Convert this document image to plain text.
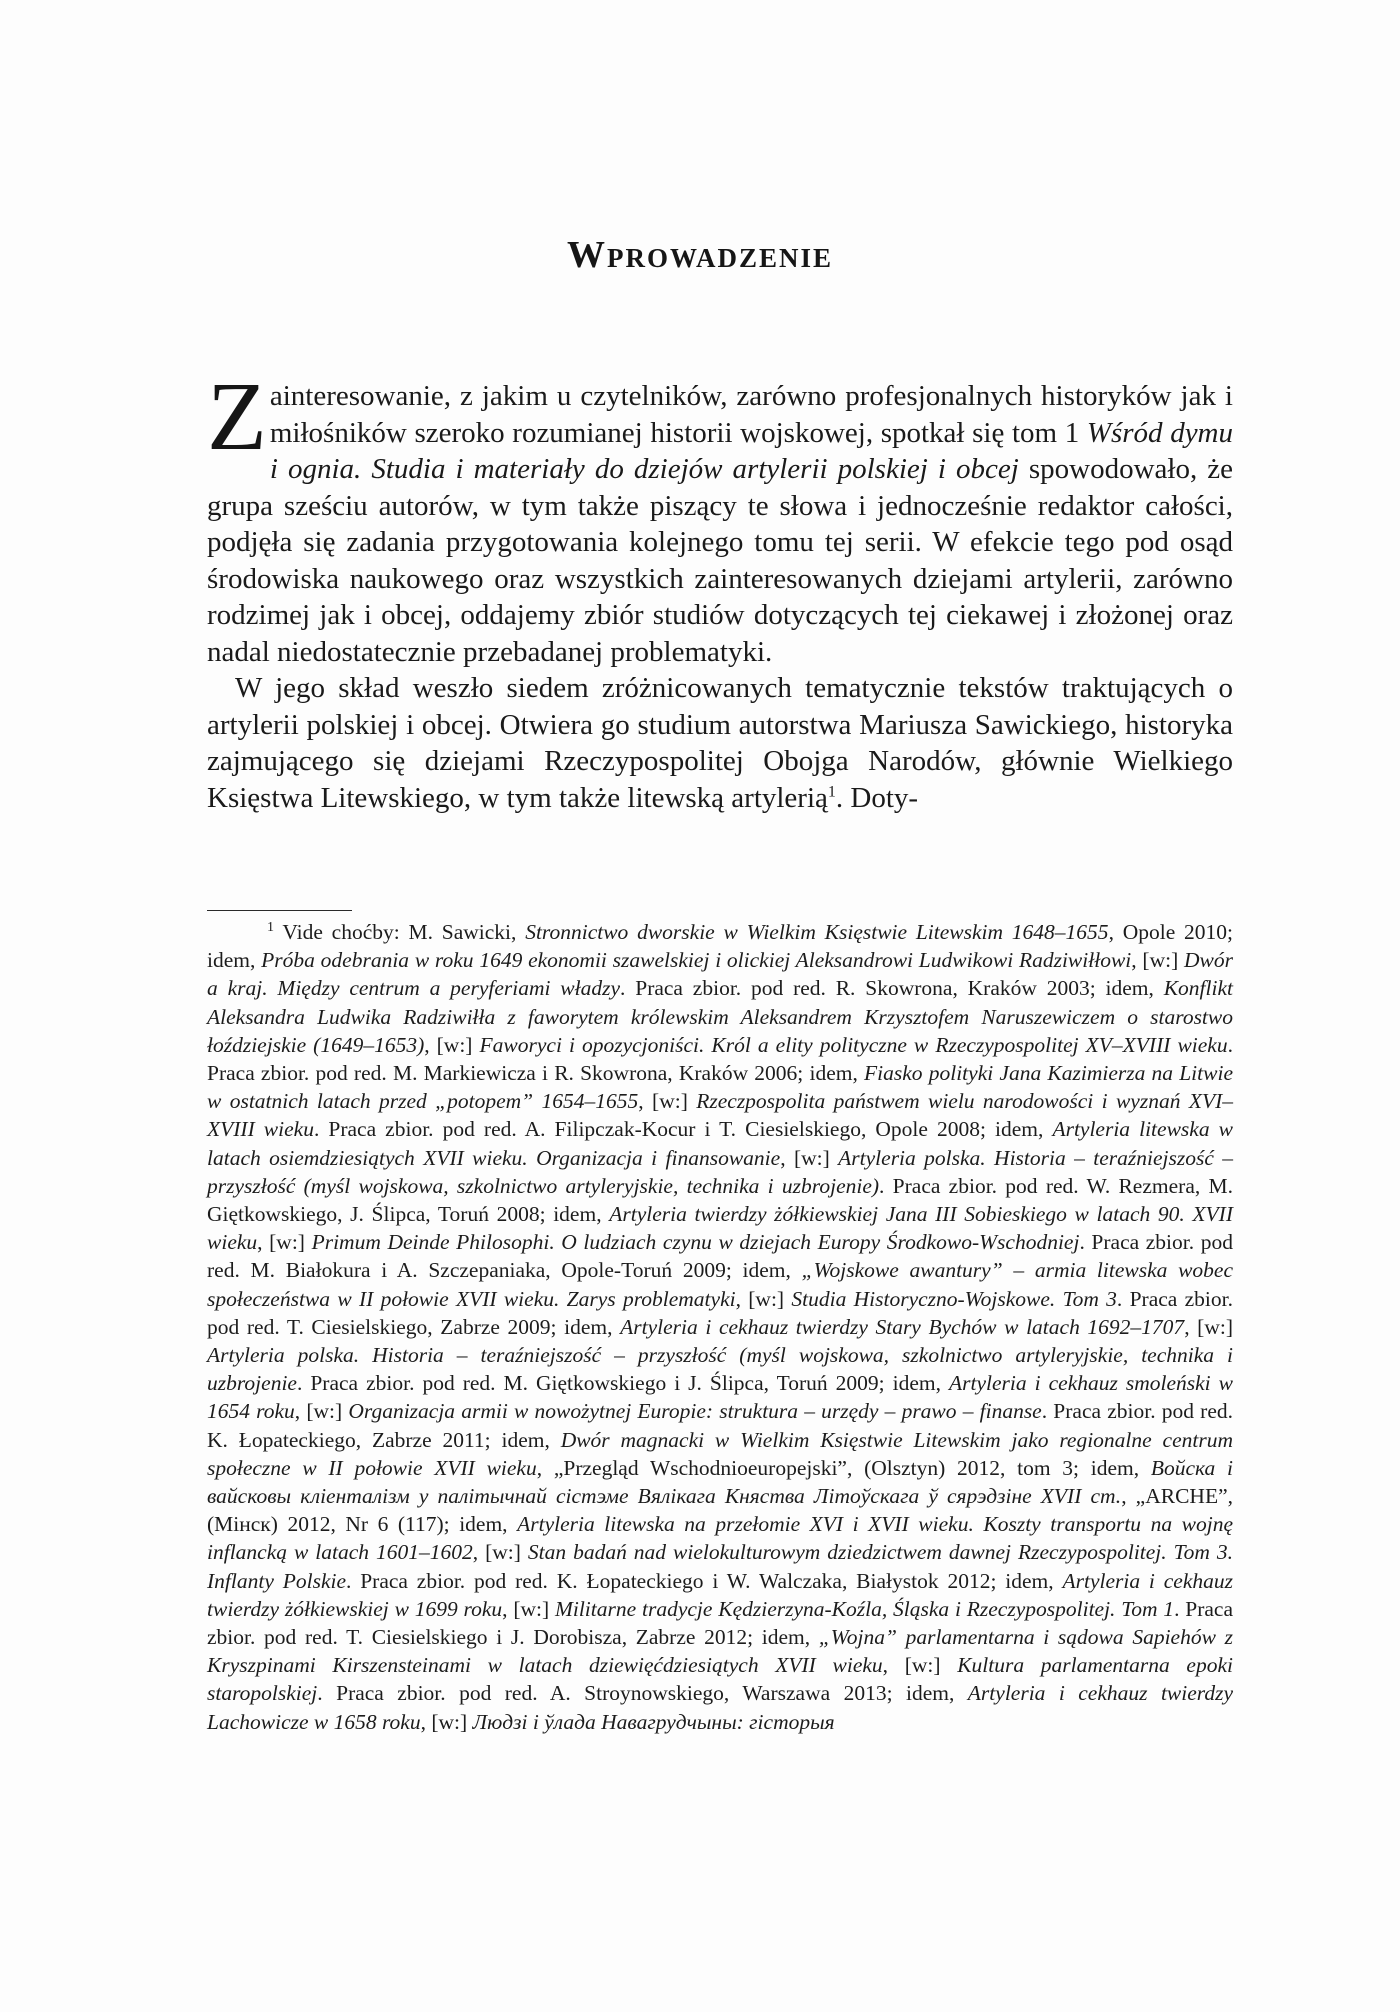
Wprowadzenie

Zainteresowanie, z jakim u czytelników, zarówno profesjonalnych historyków jak i miłośników szeroko rozumianej historii wojskowej, spotkał się tom 1 Wśród dymu i ognia. Studia i materiały do dziejów artylerii polskiej i obcej spowodowało, że grupa sześciu autorów, w tym także piszący te słowa i jednocześnie redaktor całości, podjęła się zadania przygotowania kolejnego tomu tej serii. W efekcie tego pod osąd środowiska naukowego oraz wszystkich zainteresowanych dziejami artylerii, zarówno rodzimej jak i obcej, oddajemy zbiór studiów dotyczących tej ciekawej i złożonej oraz nadal niedostatecznie przebadanej problematyki.

W jego skład weszło siedem zróżnicowanych tematycznie tekstów traktujących o artylerii polskiej i obcej. Otwiera go studium autorstwa Mariusza Sawickiego, historyka zajmującego się dziejami Rzeczypospolitej Obojga Narodów, głównie Wielkiego Księstwa Litewskiego, w tym także litewską artylerią$^1$. Doty-

$^1$ Vide choćby: M. Sawicki, Stronnictwo dworskie w Wielkim Księstwie Litewskim 1648–1655, Opole 2010; idem, Próba odebrania w roku 1649 ekonomii szawelskiej i olickiej Aleksandrowi Ludwikowi Radziwiłłowi, [w:] Dwór a kraj. Między centrum a peryferiami władzy. Praca zbior. pod red. R. Skowrona, Kraków 2003; idem, Konflikt Aleksandra Ludwika Radziwiłła z faworytem królewskim Aleksandrem Krzysztofem Naruszewiczem o starostwo łoździejskie (1649–1653), [w:] Faworyci i opozycjoniści. Król a elity polityczne w Rzeczypospolitej XV–XVIII wieku. Praca zbior. pod red. M. Markiewicza i R. Skowrona, Kraków 2006; idem, Fiasko polityki Jana Kazimierza na Litwie w ostatnich latach przed „potopem” 1654–1655, [w:] Rzeczpospolita państwem wielu narodowości i wyznań XVI–XVIII wieku. Praca zbior. pod red. A. Filipczak-Kocur i T. Ciesielskiego, Opole 2008; idem, Artyleria litewska w latach osiemdziesiątych XVII wieku. Organizacja i finansowanie, [w:] Artyleria polska. Historia – teraźniejszość – przyszłość (myśl wojskowa, szkolnictwo artyleryjskie, technika i uzbrojenie). Praca zbior. pod red. W. Rezmera, M. Giętkowskiego, J. Ślipca, Toruń 2008; idem, Artyleria twierdzy żółkiewskiej Jana III Sobieskiego w latach 90. XVII wieku, [w:] Primum Deinde Philosophi. O ludziach czynu w dziejach Europy Środkowo-Wschodniej. Praca zbior. pod red. M. Białokura i A. Szczepaniaka, Opole-Toruń 2009; idem, „Wojskowe awantury” – armia litewska wobec społeczeństwa w II połowie XVII wieku. Zarys problematyki, [w:] Studia Historyczno-Wojskowe. Tom 3. Praca zbior. pod red. T. Ciesielskiego, Zabrze 2009; idem, Artyleria i cekhauz twierdzy Stary Bychów w latach 1692–1707, [w:] Artyleria polska. Historia – teraźniejszość – przyszłość (myśl wojskowa, szkolnictwo artyleryjskie, technika i uzbrojenie. Praca zbior. pod red. M. Giętkowskiego i J. Ślipca, Toruń 2009; idem, Artyleria i cekhauz smoleński w 1654 roku, [w:] Organizacja armii w nowożytnej Europie: struktura – urzędy – prawo – finanse. Praca zbior. pod red. K. Łopateckiego, Zabrze 2011; idem, Dwór magnacki w Wielkim Księstwie Litewskim jako regionalne centrum społeczne w II połowie XVII wieku, „Przegląd Wschodnioeuropejski”, (Olsztyn) 2012, tom 3; idem, Войска і вайсковы кліенталізм у палітычнай сістэме Вялікага Княства Літоўскага ў сярэдзіне XVII ст., „ARCHE”, (Мінск) 2012, Nr 6 (117); idem, Artyleria litewska na przełomie XVI i XVII wieku. Koszty transportu na wojnę inflancką w latach 1601–1602, [w:] Stan badań nad wielokulturowym dziedzictwem dawnej Rzeczypospolitej. Tom 3. Inflanty Polskie. Praca zbior. pod red. K. Łopateckiego i W. Walczaka, Białystok 2012; idem, Artyleria i cekhauz twierdzy żółkiewskiej w 1699 roku, [w:] Militarne tradycje Kędzierzyna-Koźla, Śląska i Rzeczypospolitej. Tom 1. Praca zbior. pod red. T. Ciesielskiego i J. Dorobisza, Zabrze 2012; idem, „Wojna” parlamentarna i sądowa Sapiehów z Kryszpinami Kirszensteinami w latach dziewięćdziesiątych XVII wieku, [w:] Kultura parlamentarna epoki staropolskiej. Praca zbior. pod red. A. Stroynowskiego, Warszawa 2013; idem, Artyleria i cekhauz twierdzy Lachowicze w 1658 roku, [w:] Людзі і ўлада Навагрудчыны: гісторыя
